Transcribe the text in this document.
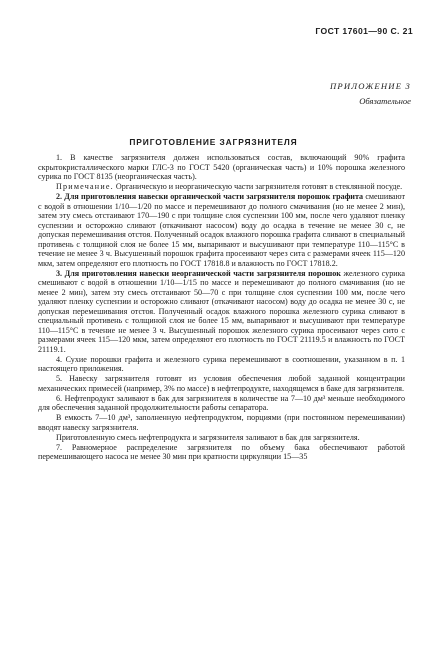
ГОСТ 17601—90 С. 21
ПРИЛОЖЕНИЕ 3
Обязательное
ПРИГОТОВЛЕНИЕ ЗАГРЯЗНИТЕЛЯ

1. В качестве загрязнителя должен использоваться состав, включающий 90% графита скрытокристаллического марки ГЛС-3 по ГОСТ 5420 (органическая часть) и 10% порошка железного сурика по ГОСТ 8135 (неорганическая часть).

Примечание. Органическую и неорганическую части загрязнителя готовят в стеклянной посуде.

2. Для приготовления навески органической части загрязнителя порошок графита смешивают с водой в отношении 1/10—1/20 по массе и перемешивают до полного смачивания (но не менее 2 мин), затем эту смесь отстаивают 170—190 с при толщине слоя суспензии 100 мм, после чего удаляют пленку суспензии и осторожно сливают (откачивают насосом) воду до осадка в течение не менее 30 с, не допуская перемешивания отстоя. Полученный осадок влажного порошка графита сливают в специальный противень с толщиной слоя не более 15 мм, выпаривают и высушивают при температуре 110—115°С в течение не менее 3 ч. Высушенный порошок графита просеивают через сита с размерами ячеек 115—120 мкм, затем определяют его плотность по ГОСТ 17818.8 и влажность по ГОСТ 17818.2.

3. Для приготовления навески неорганической части загрязнителя порошок железного сурика смешивают с водой в отношении 1/10—1/15 по массе и перемешивают до полного смачивания (но не менее 2 мин), затем эту смесь отстаивают 50—70 с при толщине слоя суспензии 100 мм, после чего удаляют пленку суспензии и осторожно сливают (откачивают насосом) воду до осадка не менее 30 с, не допуская перемешивания отстоя. Полученный осадок влажного порошка железного сурика сливают в специальный противень с толщиной слоя не более 15 мм, выпаривают и высушивают при температуре 110—115°С в течение не менее 3 ч. Высушенный порошок железного сурика просеивают через сито с размерами ячеек 115—120 мкм, затем определяют его плотность по ГОСТ 21119.5 и влажность по ГОСТ 21119.1.

4. Сухие порошки графита и железного сурика перемешивают в соотношении, указанном в п. 1 настоящего приложения.

5. Навеску загрязнителя готовят из условия обеспечения любой заданной концентрации механических примесей (например, 3% по массе) в нефтепродукте, находящемся в баке для загрязнителя.

6. Нефтепродукт заливают в бак для загрязнителя в количестве на 7—10 дм³ меньше необходимого для обеспечения заданной продолжительности работы сепаратора.

В емкость 7—10 дм³, заполненную нефтепродуктом, порциями (при постоянном перемешивании) вводят навеску загрязнителя.

Приготовленную смесь нефтепродукта и загрязнителя заливают в бак для загрязнителя.

7. Равномерное распределение загрязнителя по объему бака обеспечивают работой перемешивающего насоса не менее 30 мин при кратности циркуляции 15—35
